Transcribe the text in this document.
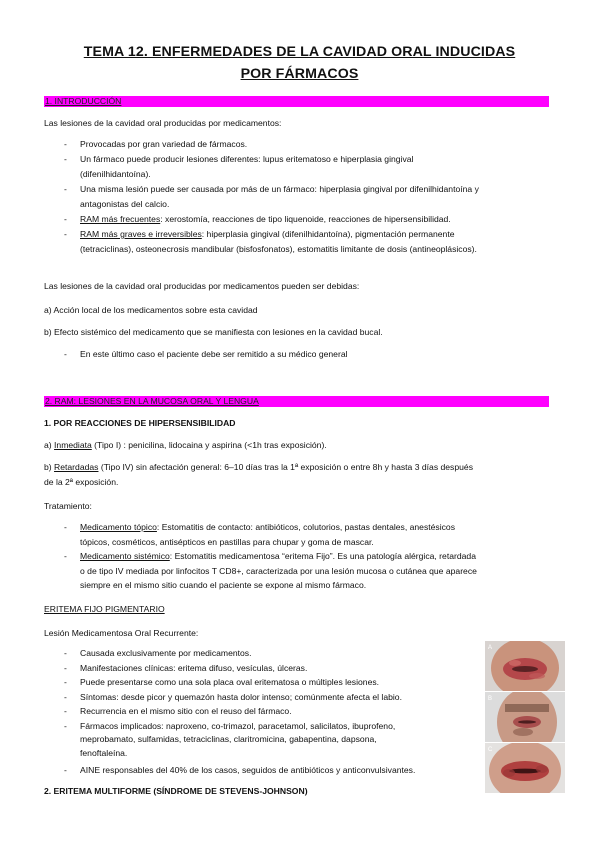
TEMA 12. ENFERMEDADES DE LA CAVIDAD ORAL INDUCIDAS
POR FÁRMACOS
1. INTRODUCCIÓN
Las lesiones de la cavidad oral producidas por medicamentos:
- Provocadas por gran variedad de fármacos.
- Un fármaco puede producir lesiones diferentes: lupus eritematoso e hiperplasia gingival
(difenilhidantoína).
- Una misma lesión puede ser causada por más de un fármaco: hiperplasia gingival por difenilhidantoína y
antagonistas del calcio.
- RAM más frecuentes: xerostomía, reacciones de tipo liquenoide, reacciones de hipersensibilidad.
- RAM más graves e irreversibles: hiperplasia gingival (difenilhidantoína), pigmentación permanente
(tetraciclinas), osteonecrosis mandibular (bisfosfonatos), estomatitis limitante de dosis (antineoplásicos).
Las lesiones de la cavidad oral producidas por medicamentos pueden ser debidas:
a) Acción local de los medicamentos sobre esta cavidad
b) Efecto sistémico del medicamento que se manifiesta con lesiones en la cavidad bucal.
- En este último caso el paciente debe ser remitido a su médico general
2. RAM: LESIONES EN LA MUCOSA ORAL Y LENGUA
1. POR REACCIONES DE HIPERSENSIBILIDAD
a) Inmediata (Tipo I) : penicilina, lidocaina y aspirina (<1h tras exposición).
b) Retardadas (Tipo IV) sin afectación general: 6–10 días tras la 1ª exposición o entre 8h y hasta 3 días después
de la 2ª exposición.
Tratamiento:
- Medicamento tópico: Estomatitis de contacto: antibióticos, colutorios, pastas dentales, anestésicos
tópicos, cosméticos, antisépticos en pastillas para chupar y goma de mascar.
- Medicamento sistémico: Estomatitis medicamentosa “eritema Fijo”. Es una patología alérgica, retardada
o de tipo IV mediada por linfocitos T CD8+, caracterizada por una lesión mucosa o cutánea que aparece
siempre en el mismo sitio cuando el paciente se expone al mismo fármaco.
ERITEMA FIJO PIGMENTARIO
Lesión Medicamentosa Oral Recurrente:
- Causada exclusivamente por medicamentos.
- Manifestaciones clínicas: eritema difuso, vesículas, úlceras.
- Puede presentarse como una sola placa oval eritematosa o múltiples lesiones.
- Síntomas: desde picor y quemazón hasta dolor intenso; comúnmente afecta el labio.
- Recurrencia en el mismo sitio con el reuso del fármaco.
- Fármacos implicados: naproxeno, co-trimazol, paracetamol, salicilatos, ibuprofeno,
meprobamato, sulfamidas, tetraciclinas, claritromicina, gabapentina, dapsona,
fenoftaleína.
- AINE responsables del 40% de los casos, seguidos de antibióticos y anticonvulsivantes.
2. ERITEMA MULTIFORME (SÍNDROME DE STEVENS-JOHNSON)
A
B
C
